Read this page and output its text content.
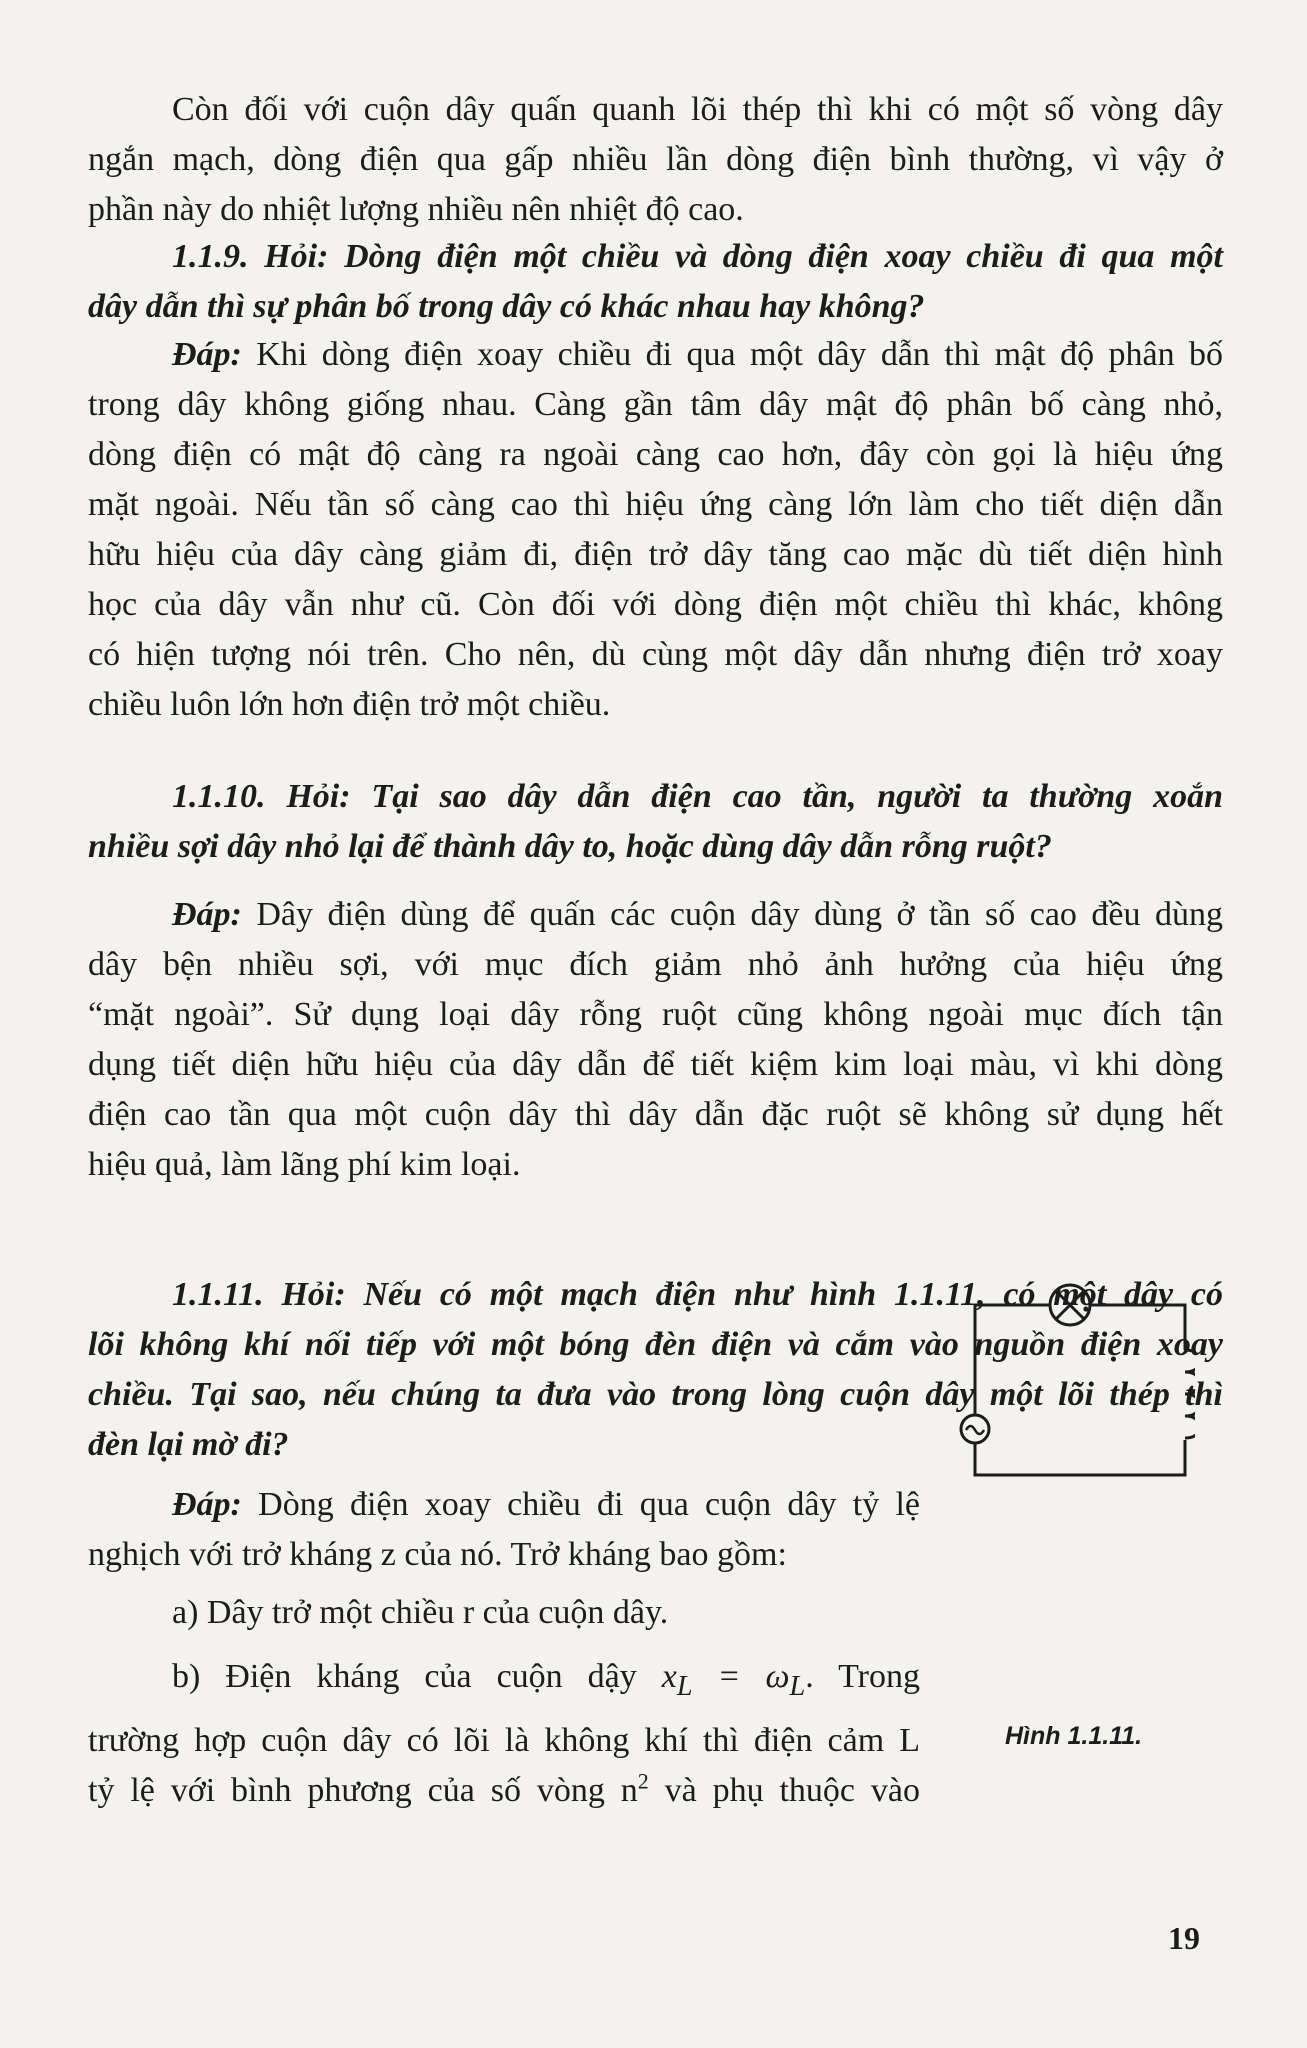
Còn đối với cuộn dây quấn quanh lõi thép thì khi có một số vòng dây
ngắn mạch, dòng điện qua gấp nhiều lần dòng điện bình thường, vì vậy ở
phần này do nhiệt lượng nhiều nên nhiệt độ cao.

1.1.9. Hỏi: Dòng điện một chiều và dòng điện xoay chiều đi qua một
dây dẫn thì sự phân bố trong dây có khác nhau hay không?

Đáp: Khi dòng điện xoay chiều đi qua một dây dẫn thì mật độ phân bố
trong dây không giống nhau. Càng gần tâm dây mật độ phân bố càng nhỏ,
dòng điện có mật độ càng ra ngoài càng cao hơn, đây còn gọi là hiệu ứng
mặt ngoài. Nếu tần số càng cao thì hiệu ứng càng lớn làm cho tiết diện dẫn
hữu hiệu của dây càng giảm đi, điện trở dây tăng cao mặc dù tiết diện hình
học của dây vẫn như cũ. Còn đối với dòng điện một chiều thì khác, không
có hiện tượng nói trên. Cho nên, dù cùng một dây dẫn nhưng điện trở xoay
chiều luôn lớn hơn điện trở một chiều.

1.1.10. Hỏi: Tại sao dây dẫn điện cao tần, người ta thường xoắn
nhiều sợi dây nhỏ lại để thành dây to, hoặc dùng dây dẫn rỗng ruột?

Đáp: Dây điện dùng để quấn các cuộn dây dùng ở tần số cao đều dùng
dây bện nhiều sợi, với mục đích giảm nhỏ ảnh hưởng của hiệu ứng
“mặt ngoài”. Sử dụng loại dây rỗng ruột cũng không ngoài mục đích tận
dụng tiết diện hữu hiệu của dây dẫn để tiết kiệm kim loại màu, vì khi dòng
điện cao tần qua một cuộn dây thì dây dẫn đặc ruột sẽ không sử dụng hết
hiệu quả, làm lãng phí kim loại.

1.1.11. Hỏi: Nếu có một mạch điện như hình 1.1.11, có một dây có
lõi không khí nối tiếp với một bóng đèn điện và cắm vào nguồn điện xoay
chiều. Tại sao, nếu chúng ta đưa vào trong lòng cuộn dây một lõi thép thì
đèn lại mờ đi?

Đáp: Dòng điện xoay chiều đi qua cuộn dây tỷ lệ
nghịch với trở kháng z của nó. Trở kháng bao gồm:
a) Dây trở một chiều r của cuộn dây.
b) Điện kháng của cuộn dậy $x_L = \omega_L$. Trong
trường hợp cuộn dây có lõi là không khí thì điện cảm L
tỷ lệ với bình phương của số vòng $n^2$ và phụ thuộc vào

Hình 1.1.11.
19
